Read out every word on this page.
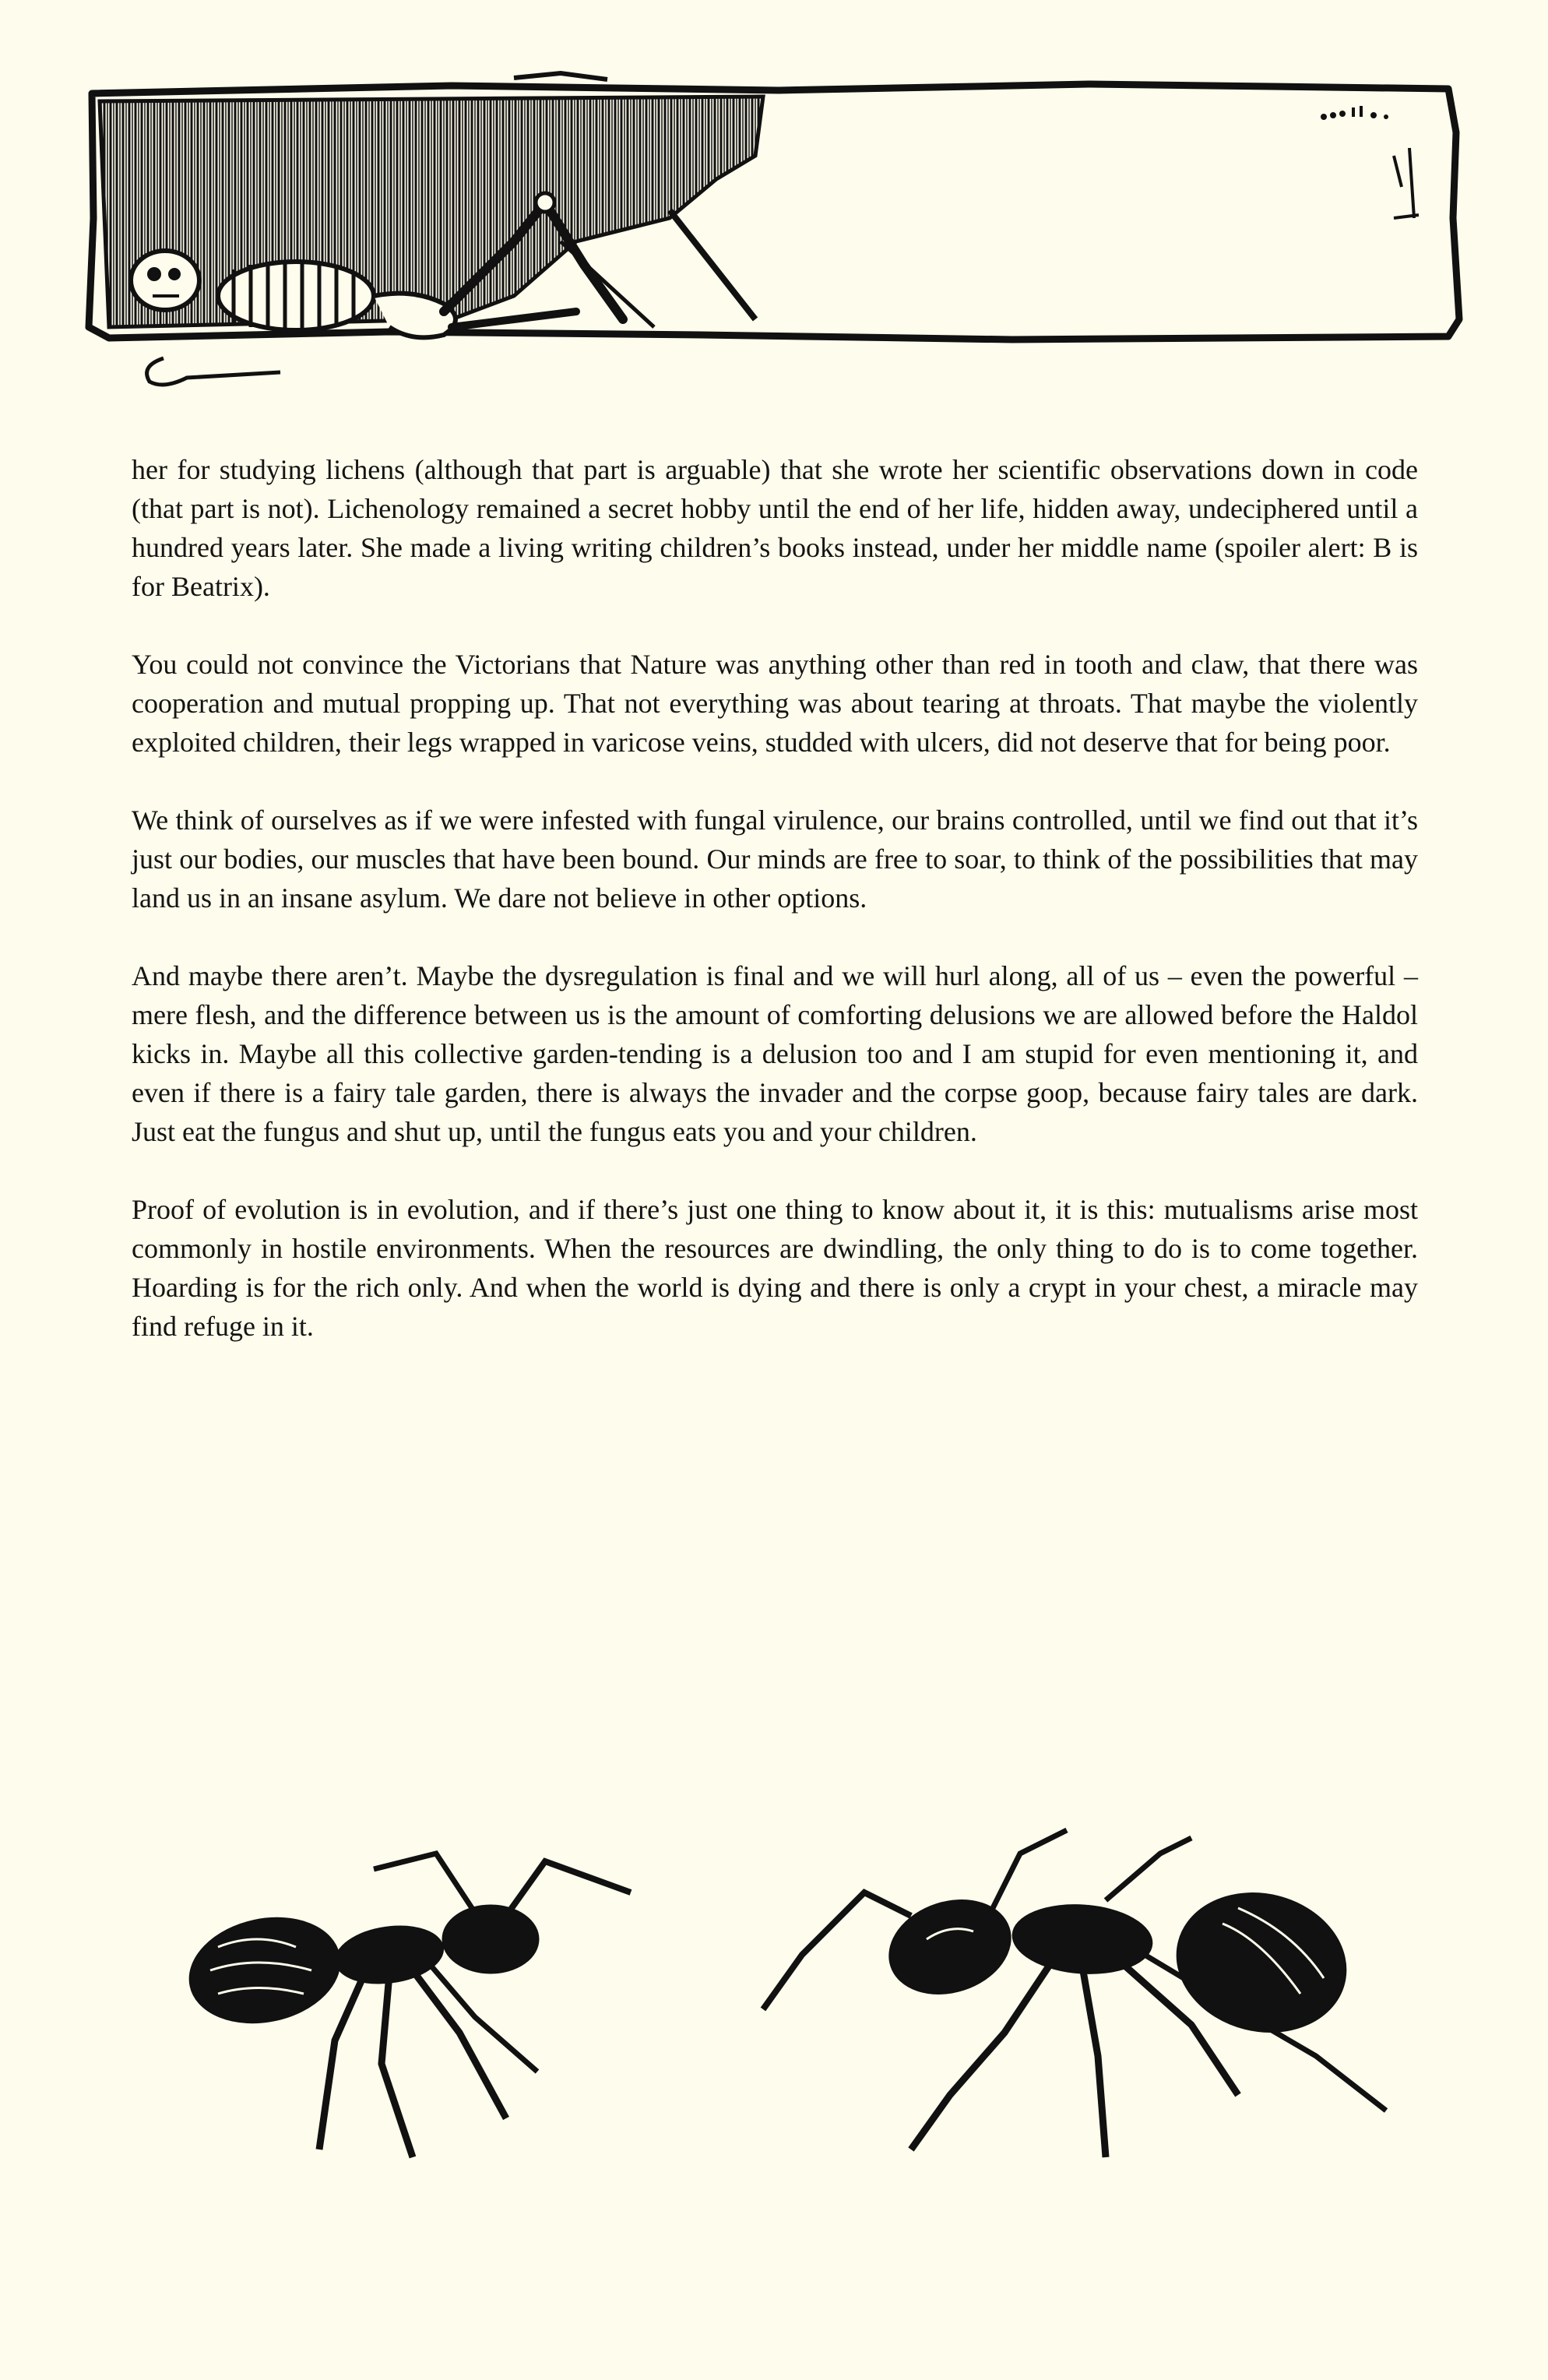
her for studying lichens (although that part is arguable) that she wrote her scientific observations down in code (that part is not). Lichenology remained a secret hobby until the end of her life, hidden away, undeciphered until a hundred years later. She made a living writing children’s books instead, under her middle name (spoiler alert: B is for Beatrix).

You could not convince the Victorians that Nature was anything other than red in tooth and claw, that there was cooperation and mutual propping up. That not everything was about tearing at throats. That maybe the violently exploited children, their legs wrapped in varicose veins, studded with ulcers, did not deserve that for being poor.

We think of ourselves as if we were infested with fungal virulence, our brains controlled, until we find out that it’s just our bodies, our muscles that have been bound. Our minds are free to soar, to think of the possibilities that may land us in an insane asylum. We dare not believe in other options.

And maybe there aren’t. Maybe the dysregulation is final and we will hurl along, all of us – even the powerful – mere flesh, and the difference between us is the amount of comforting delusions we are allowed before the Haldol kicks in. Maybe all this collective garden-tending is a delusion too and I am stupid for even mentioning it, and even if there is a fairy tale garden, there is always the invader and the corpse goop, because fairy tales are dark. Just eat the fungus and shut up, until the fungus eats you and your children.

Proof of evolution is in evolution, and if there’s just one thing to know about it, it is this: mutualisms arise most commonly in hostile environments. When the resources are dwindling, the only thing to do is to come together. Hoarding is for the rich only. And when the world is dying and there is only a crypt in your chest, a miracle may find refuge in it.
